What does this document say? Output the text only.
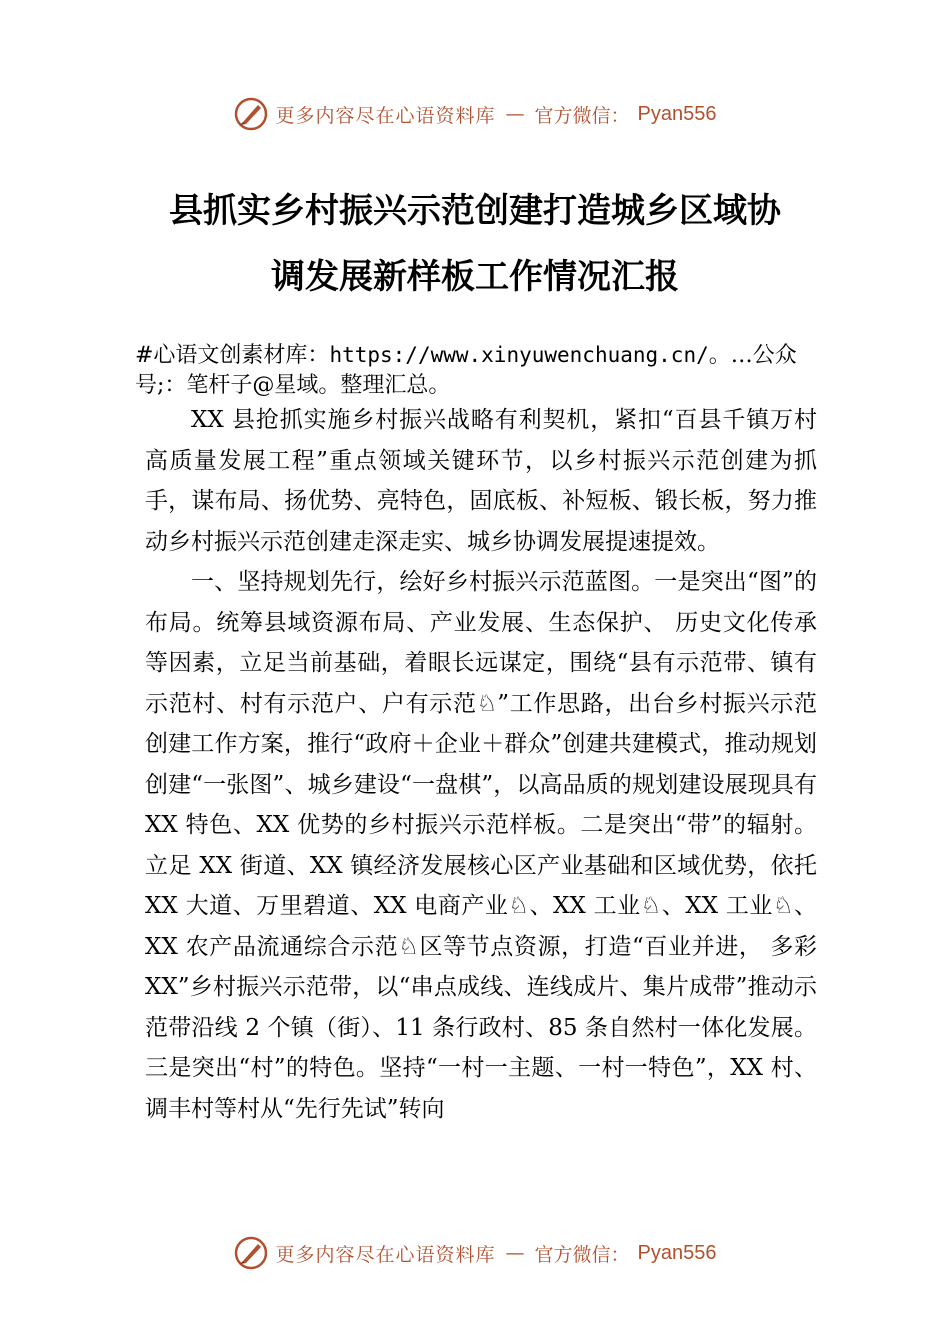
更多内容尽在心语资料库 — 官方微信： Pyan556
县抓实乡村振兴示范创建打造城乡区域协
调发展新样板工作情况汇报
#心语文创素材库：https://www.xinyuwenchuang.cn/。…公众号;：笔杆子@星域。整理汇总。

XX 县抢抓实施乡村振兴战略有利契机，紧扣“百县千镇万村高质量发展工程”重点领域关键环节，以乡村振兴示范创建为抓手，谋布局、扬优势、亮特色，固底板、补短板、锻长板，努力推动乡村振兴示范创建走深走实、城乡协调发展提速提效。

一、坚持规划先行，绘好乡村振兴示范蓝图。一是突出“图”的布局。统筹县域资源布局、产业发展、生态保护、 历史文化传承等因素，立足当前基础，着眼长远谋定，围绕“县有示范带、镇有示范村、村有示范户、户有示范♘”工作思路，出台乡村振兴示范创建工作方案，推行“政府＋企业＋群众”创建共建模式，推动规划创建“一张图”、城乡建设“一盘棋”，以高品质的规划建设展现具有 XX 特色、XX 优势的乡村振兴示范样板。二是突出“带”的辐射。立足 XX 街道、XX 镇经济发展核心区产业基础和区域优势，依托 XX 大道、万里碧道、XX 电商产业♘、XX 工业♘、XX 工业♘、XX 农产品流通综合示范♘区等节点资源，打造“百业并进， 多彩 XX”乡村振兴示范带，以“串点成线、连线成片、集片成带”推动示范带沿线 2 个镇（街）、11 条行政村、85 条自然村一体化发展。三是突出“村”的特色。坚持“一村一主题、一村一特色”，XX 村、调丰村等村从“先行先试”转向

更多内容尽在心语资料库 — 官方微信： Pyan556
